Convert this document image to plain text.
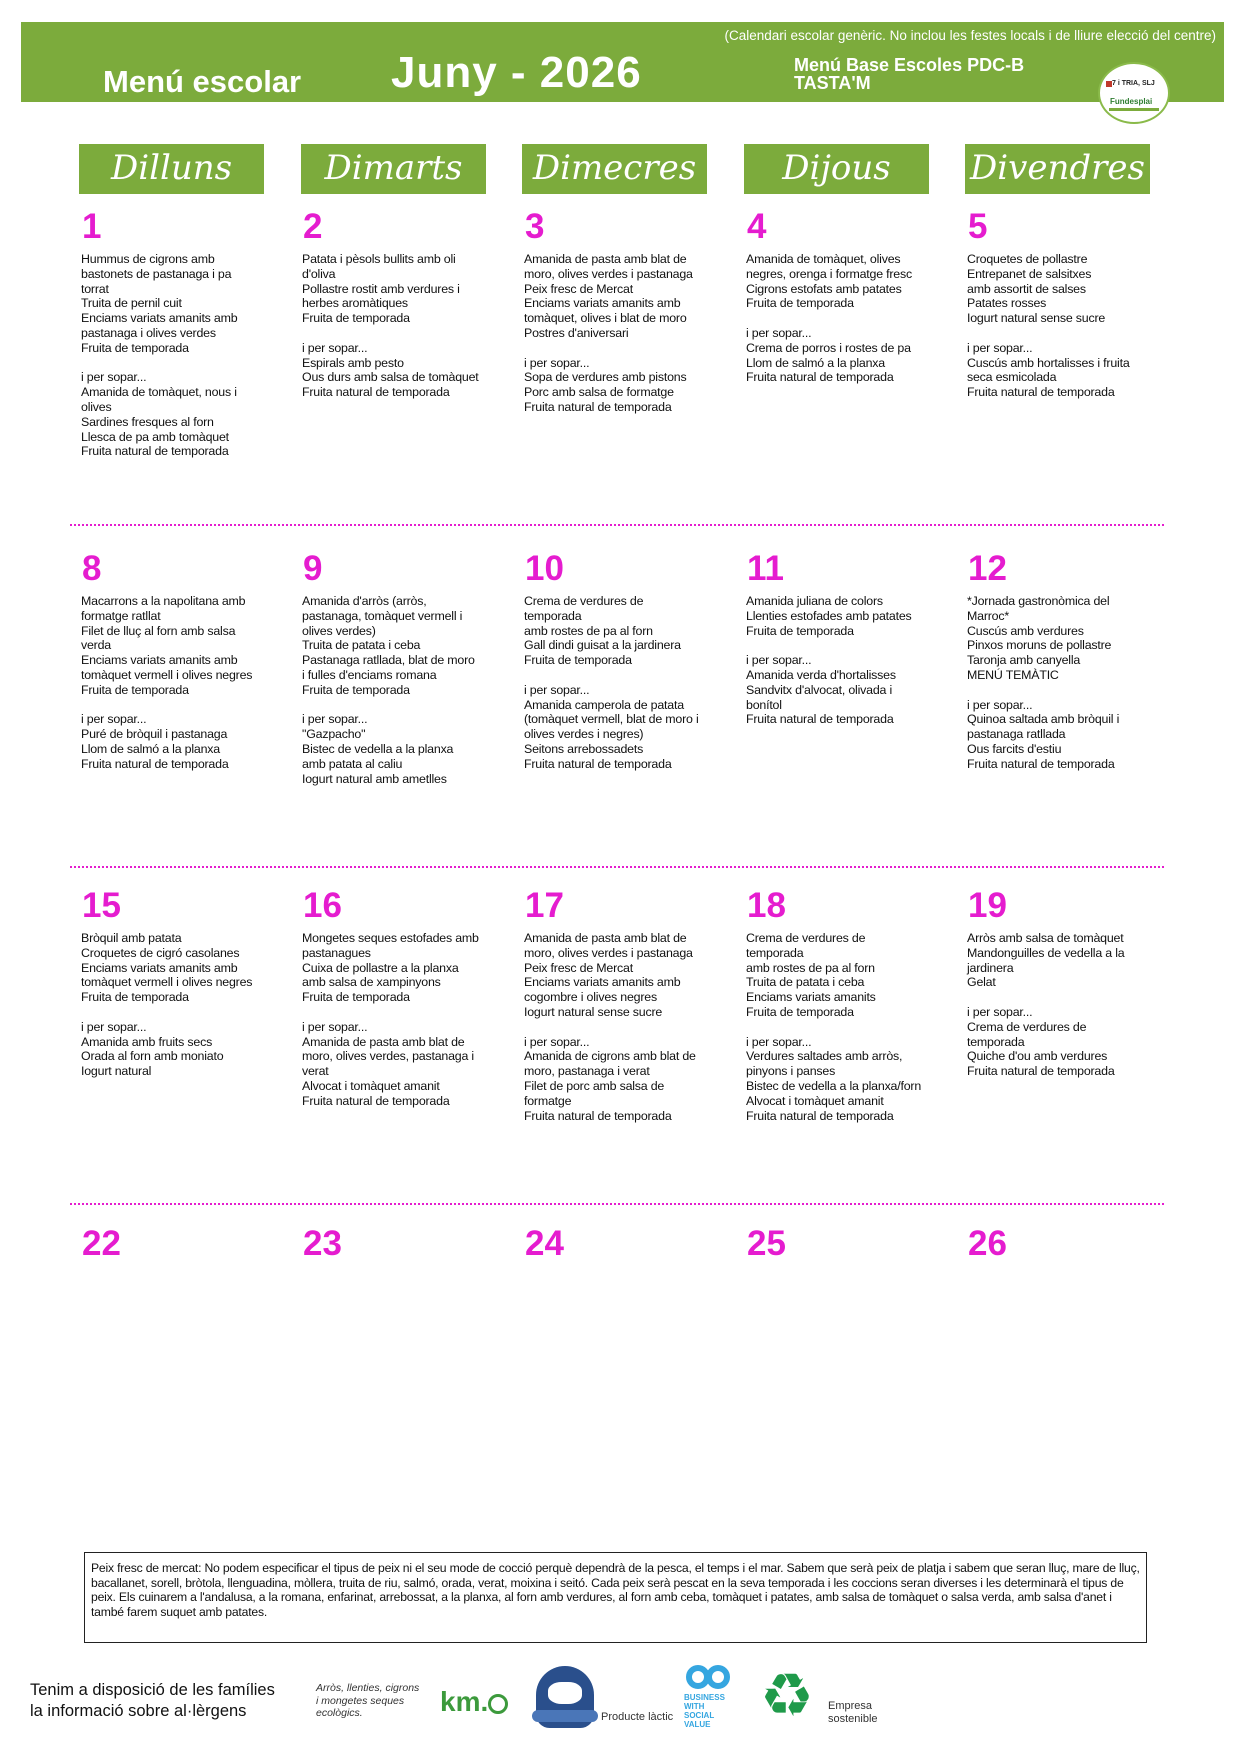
(Calendari escolar genèric. No inclou les festes locals i de lliure elecció del centre)
Menú escolar Juny - 2026	Menú Base Escoles PDC-B
TASTA'M	7 i TRIA, SLJ
Fundesplai
Dilluns	Dimarts	Dimecres	Dijous	Divendres
1
Hummus de cigrons amb
bastonets de pastanaga i pa
torrat
Truita de pernil cuit
Enciams variats amanits amb
pastanaga i olives verdes
Fruita de temporada

i per sopar...
Amanida de tomàquet, nous i
olives
Sardines fresques al forn
Llesca de pa amb tomàquet
Fruita natural de temporada
2
Patata i pèsols bullits amb oli
d'oliva
Pollastre rostit amb verdures i
herbes aromàtiques
Fruita de temporada

i per sopar...
Espirals amb pesto
Ous durs amb salsa de tomàquet
Fruita natural de temporada
3
Amanida de pasta amb blat de
moro, olives verdes i pastanaga
Peix fresc de Mercat
Enciams variats amanits amb
tomàquet, olives i blat de moro
Postres d'aniversari

i per sopar...
Sopa de verdures amb pistons
Porc amb salsa de formatge
Fruita natural de temporada
4
Amanida de tomàquet, olives
negres, orenga i formatge fresc
Cigrons estofats amb patates
Fruita de temporada

i per sopar...
Crema de porros i rostes de pa
Llom de salmó a la planxa
Fruita natural de temporada
5
Croquetes de pollastre
Entrepanet de salsitxes
amb assortit de salses
Patates rosses
Iogurt natural sense sucre

i per sopar...
Cuscús amb hortalisses i fruita
seca esmicolada
Fruita natural de temporada
8
Macarrons a la napolitana amb
formatge ratllat
Filet de lluç al forn amb salsa
verda
Enciams variats amanits amb
tomàquet vermell i olives negres
Fruita de temporada

i per sopar...
Puré de bròquil i pastanaga
Llom de salmó a la planxa
Fruita natural de temporada
9
Amanida d'arròs (arròs,
pastanaga, tomàquet vermell i
olives verdes)
Truita de patata i ceba
Pastanaga ratllada, blat de moro
i fulles d'enciams romana
Fruita de temporada

i per sopar...
"Gazpacho"
Bistec de vedella a la planxa
amb patata al caliu
Iogurt natural amb ametlles
10
Crema de verdures de
temporada
amb rostes de pa al forn
Gall dindi guisat a la jardinera
Fruita de temporada

i per sopar...
Amanida camperola de patata
(tomàquet vermell, blat de moro i
olives verdes i negres)
Seitons arrebossadets
Fruita natural de temporada
11
Amanida juliana de colors
Llenties estofades amb patates
Fruita de temporada

i per sopar...
Amanida verda d'hortalisses
Sandvitx d'alvocat, olivada i
bonítol
Fruita natural de temporada
12
*Jornada gastronòmica del
Marroc*
Cuscús amb verdures
Pinxos moruns de pollastre
Taronja amb canyella
MENÚ TEMÀTIC

i per sopar...
Quinoa saltada amb bròquil i
pastanaga ratllada
Ous farcits d'estiu
Fruita natural de temporada
15
Bròquil amb patata
Croquetes de cigró casolanes
Enciams variats amanits amb
tomàquet vermell i olives negres
Fruita de temporada

i per sopar...
Amanida amb fruits secs
Orada al forn amb moniato
Iogurt natural
16
Mongetes seques estofades amb
pastanagues
Cuixa de pollastre a la planxa
amb salsa de xampinyons
Fruita de temporada

i per sopar...
Amanida de pasta amb blat de
moro, olives verdes, pastanaga i
verat
Alvocat i tomàquet amanit
Fruita natural de temporada
17
Amanida de pasta amb blat de
moro, olives verdes i pastanaga
Peix fresc de Mercat
Enciams variats amanits amb
cogombre i olives negres
Iogurt natural sense sucre

i per sopar...
Amanida de cigrons amb blat de
moro, pastanaga i verat
Filet de porc amb salsa de
formatge
Fruita natural de temporada
18
Crema de verdures de
temporada
amb rostes de pa al forn
Truita de patata i ceba
Enciams variats amanits
Fruita de temporada

i per sopar...
Verdures saltades amb arròs,
pinyons i panses
Bistec de vedella a la planxa/forn
Alvocat i tomàquet amanit
Fruita natural de temporada
19
Arròs amb salsa de tomàquet
Mandonguilles de vedella a la
jardinera
Gelat

i per sopar...
Crema de verdures de
temporada
Quiche d'ou amb verdures
Fruita natural de temporada
22	23	24	25	26
Peix fresc de mercat: No podem especificar el tipus de peix ni el seu mode de cocció perquè dependrà de la pesca, el temps i el mar. Sabem que serà peix de platja i sabem que seran lluç, mare de lluç, bacallanet, sorell, bròtola, llenguadina, mòllera, truita de riu, salmó, orada, verat, moixina i seitó. Cada peix serà pescat en la seva temporada i les coccions seran diverses i les determinarà el tipus de peix. Els cuinarem a l'andalusa, a la romana, enfarinat, arrebossat, a la planxa, al forn amb verdures, al forn amb ceba, tomàquet i patates, amb salsa de tomàquet o salsa verda, amb salsa d'anet i també farem suquet amb patates.
Tenim a disposició de les famílies
la informació sobre al·lèrgens
Arròs, llenties, cigrons
i mongetes seques
ecològics.	km.	Producte làctic
BUSINESS
WITH
SOCIAL
VALUE ♻ Empresa
sostenible
